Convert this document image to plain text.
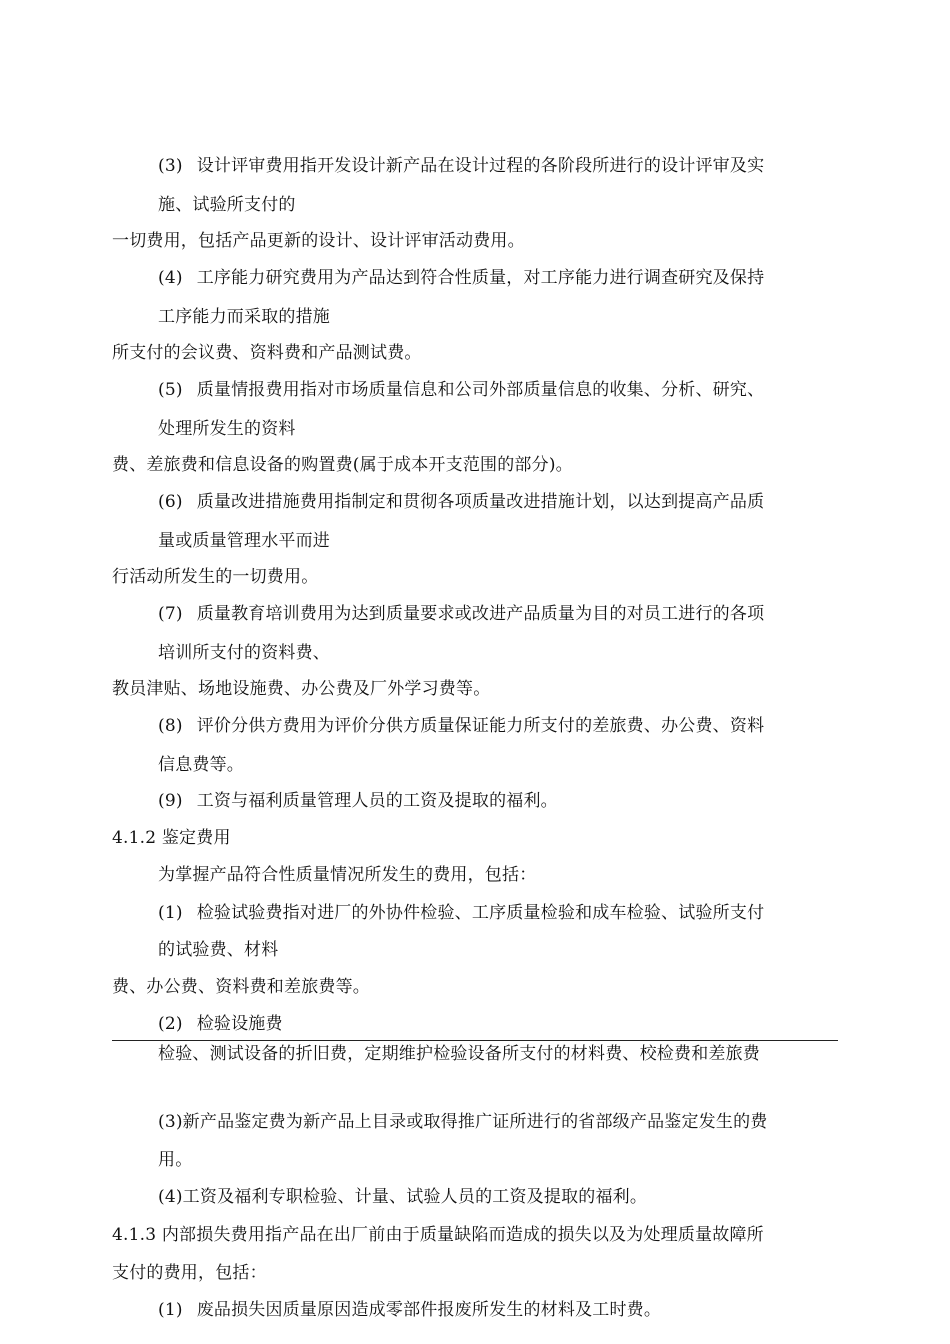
(3) 设计评审费用指开发设计新产品在设计过程的各阶段所进行的设计评审及实
施、试验所支付的
一切费用，包括产品更新的设计、设计评审活动费用。
(4) 工序能力研究费用为产品达到符合性质量，对工序能力进行调查研究及保持
工序能力而采取的措施
所支付的会议费、资料费和产品测试费。
(5) 质量情报费用指对市场质量信息和公司外部质量信息的收集、分析、研究、
处理所发生的资料
费、差旅费和信息设备的购置费(属于成本开支范围的部分)。
(6) 质量改进措施费用指制定和贯彻各项质量改进措施计划，以达到提高产品质
量或质量管理水平而进
行活动所发生的一切费用。
(7) 质量教育培训费用为达到质量要求或改进产品质量为目的对员工进行的各项
培训所支付的资料费、
教员津贴、场地设施费、办公费及厂外学习费等。
(8) 评价分供方费用为评价分供方质量保证能力所支付的差旅费、办公费、资料
信息费等。
(9) 工资与福利质量管理人员的工资及提取的福利。
4.1.2 鉴定费用
为掌握产品符合性质量情况所发生的费用，包括：
(1) 检验试验费指对进厂的外协件检验、工序质量检验和成车检验、试验所支付
的试验费、材料
费、办公费、资料费和差旅费等。
(2) 检验设施费
检验、测试设备的折旧费，定期维护检验设备所支付的材料费、校检费和差旅费
(3)新产品鉴定费为新产品上目录或取得推广证所进行的省部级产品鉴定发生的费
用。
(4)工资及福利专职检验、计量、试验人员的工资及提取的福利。
4.1.3 内部损失费用指产品在出厂前由于质量缺陷而造成的损失以及为处理质量故障所
支付的费用，包括：
(1) 废品损失因质量原因造成零部件报废所发生的材料及工时费。
